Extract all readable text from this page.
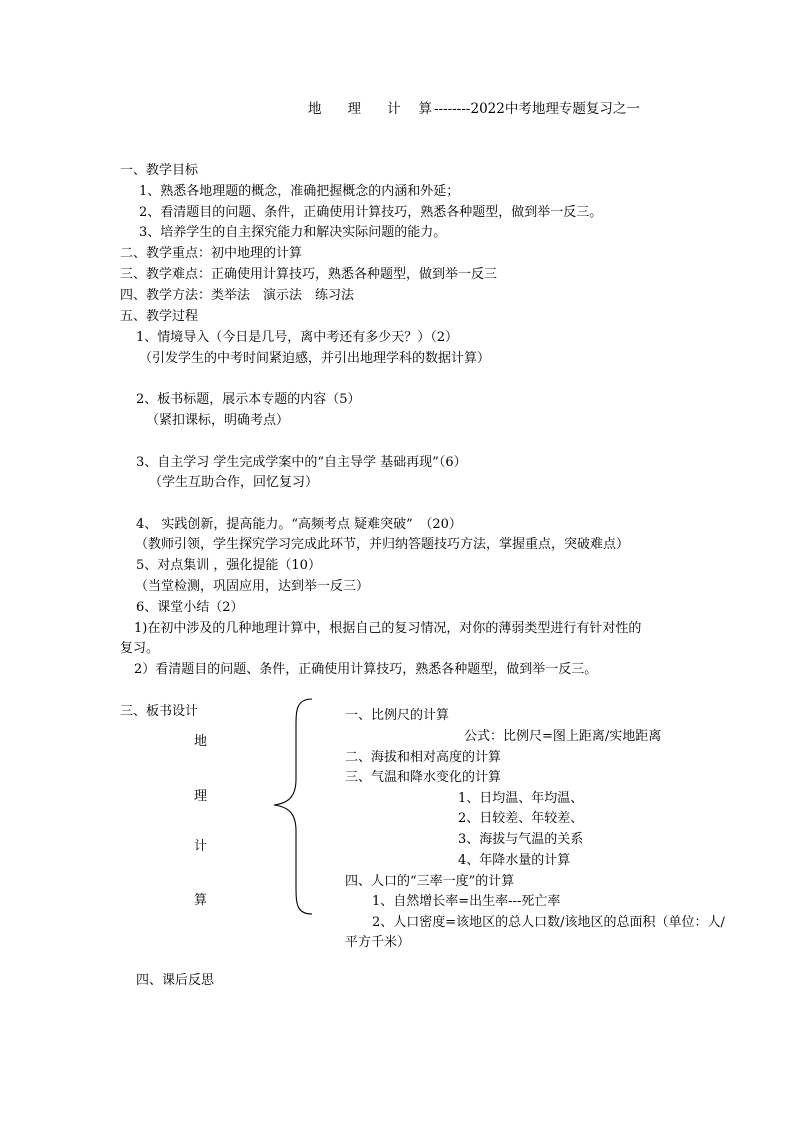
地 理 计 算 --------2022中考地理专题复习之一
一、教学目标
1、熟悉各地理题的概念，准确把握概念的内涵和外延；
2、看清题目的问题、条件，正确使用计算技巧，熟悉各种题型，做到举一反三。
3、培养学生的自主探究能力和解决实际问题的能力。
二、教学重点：初中地理的计算
三、教学难点：正确使用计算技巧，熟悉各种题型，做到举一反三
四、教学方法：类举法　演示法　练习法
五、教学过程
1、情境导入（今日是几号，离中考还有多少天？）（2）
（引发学生的中考时间紧迫感，并引出地理学科的数据计算）
2、板书标题，展示本专题的内容（5）
（紧扣课标，明确考点）
3、自主学习 学生完成学案中的“自主导学 基础再现”（6）
（学生互助合作，回忆复习）
4、 实践创新，提高能力。“高频考点 疑难突破”　（20）
（教师引领，学生探究学习完成此环节，并归纳答题技巧方法，掌握重点，突破难点）
5、对点集训 ，强化提能（10）
（当堂检测，巩固应用，达到举一反三）
6、课堂小结（2）
1)在初中涉及的几种地理计算中，根据自己的复习情况，对你的薄弱类型进行有针对性的
复习。
2）看清题目的问题、条件，正确使用计算技巧，熟悉各种题型，做到举一反三。
三、板书设计
地
理
计
算
一、比例尺的计算
公式：比例尺=图上距离/实地距离
二、海拔和相对高度的计算
三、气温和降水变化的计算
1、日均温、年均温、
2、日较差、年较差、
3、海拔与气温的关系
4、年降水量的计算
四、人口的“三率一度”的计算
1、自然增长率=出生率---死亡率
2、人口密度=该地区的总人口数/该地区的总面积（单位：人/
平方千米）
四、课后反思
